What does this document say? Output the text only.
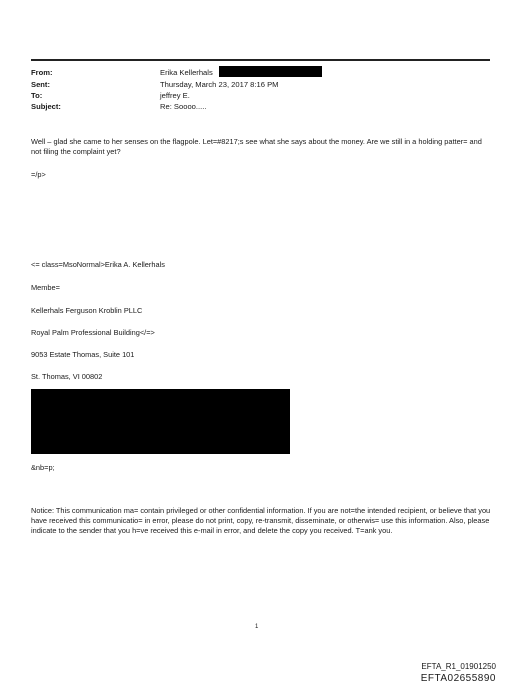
From:
Sent:
To:
Subject:
Erika Kellerhals
Thursday, March 23, 2017 8:16 PM
jeffrey E.
Re: Soooo.....
Well – glad she came to her senses on the flagpole. Let=#8217;s see what she says about the money. Are we still in a holding patter= and not filing the complaint yet?
=/p>
<= class=MsoNormal>Erika A. Kellerhals
Membe=
Kellerhals Ferguson Kroblin PLLC
Royal Palm Professional Building</=>
9053 Estate Thomas, Suite 101
St. Thomas, VI 00802
&nb=p;
Notice: This communication ma= contain privileged or other confidential information. If you are not=the intended recipient, or believe that you have received this communicatio= in error, please do not print, copy, re-transmit, disseminate, or otherwis= use this information. Also, please indicate to the sender that you h=ve received this e-mail in error, and delete the copy you received. T=ank you.
1
EFTA_R1_01901250
EFTA02655890
